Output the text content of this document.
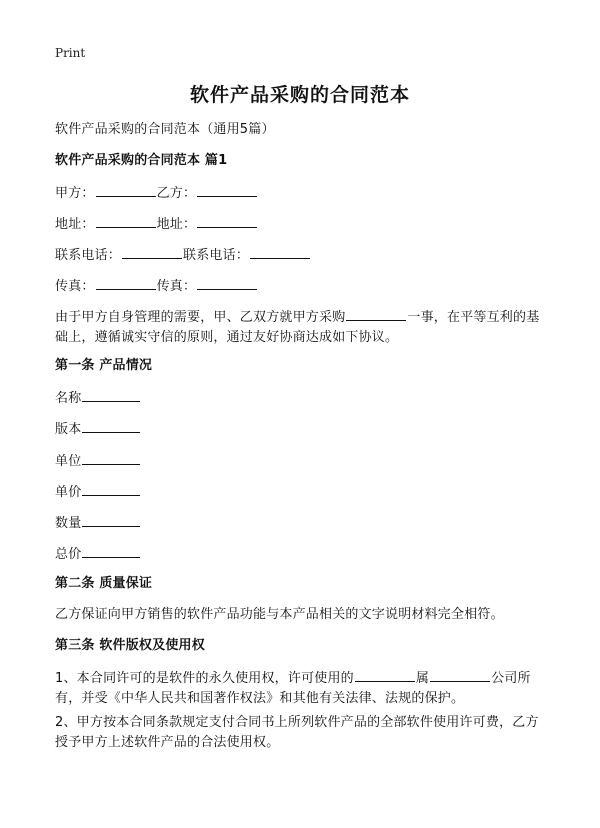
Print
软件产品采购的合同范本
软件产品采购的合同范本（通用5篇）
软件产品采购的合同范本 篇1
甲方：	乙方：
地址：	地址：
联系电话：	联系电话：
传真：	传真：
由于甲方自身管理的需要，甲、乙双方就甲方采购	一事，在平等互利的基础上，遵循诚实守信的原则，通过友好协商达成如下协议。
第一条 产品情况
名称
版本
单位
单价
数量
总价
第二条 质量保证
乙方保证向甲方销售的软件产品功能与本产品相关的文字说明材料完全相符。
第三条 软件版权及使用权
1、本合同许可的是软件的永久使用权，许可使用的	属	公司所有，并受《中华人民共和国著作权法》和其他有关法律、法规的保护。
2、甲方按本合同条款规定支付合同书上所列软件产品的全部软件使用许可费，乙方授予甲方上述软件产品的合法使用权。
